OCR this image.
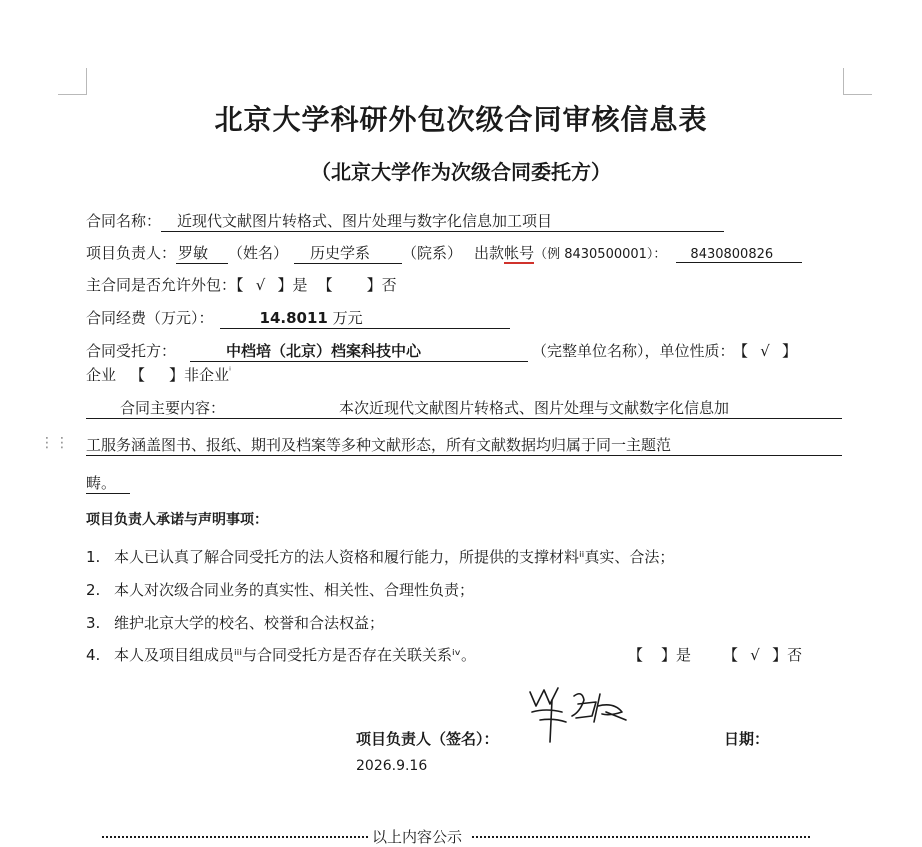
北京大学科研外包次级合同审核信息表
（北京大学作为次级合同委托方）
合同名称： 近现代文献图片转格式、图片处理与数字化信息加工项目
项目负责人： 罗敏 （姓名） 历史学系 （院系） 出款帐号（例 8430500001）： 8430800826
主合同是否允许外包：【 √ 】是 【 】否
合同经费（万元）：	14.8011 万元
合同受托方：	中档培（北京）档案科技中心	（完整单位名称），单位性质： 【 √ 】
企业 【 】非企业$^{^i}$
合同主要内容：	本次近现代文献图片转格式、图片处理与文献数字化信息加
工服务涵盖图书、报纸、期刊及档案等多种文献形态，所有文献数据均归属于同一主题范
畴。
⋮⋮
项目负责人承诺与声明事项：
1. 本人已认真了解合同受托方的法人资格和履行能力，所提供的支撑材料ⁱⁱ真实、合法；
2. 本人对次级合同业务的真实性、相关性、合理性负责；
3. 维护北京大学的校名、校誉和合法权益；
4. 本人及项目组成员ⁱⁱⁱ与合同受托方是否存在关联关系ⁱᵛ。	【 】是 【 √ 】否
项目负责人（签名）：	日期：
2026.9.16
以上内容公示
